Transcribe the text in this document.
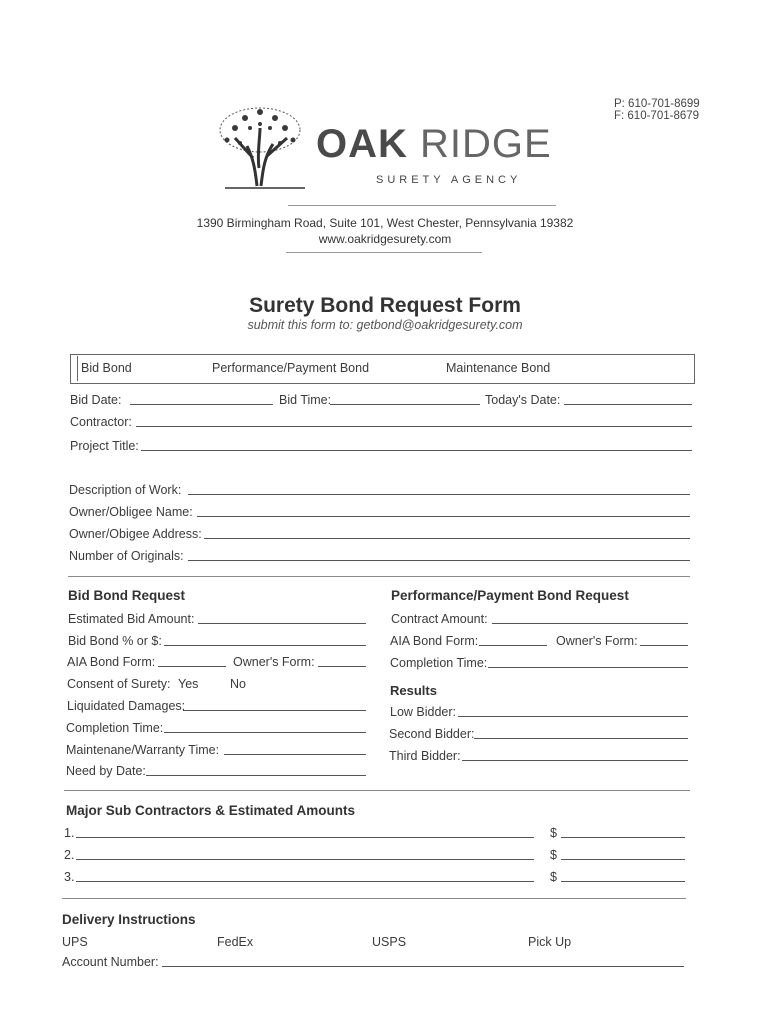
P: 610-701-8699
F: 610-701-8679
OAK RIDGE
SURETY AGENCY
1390 Birmingham Road, Suite 101, West Chester, Pennsylvania 19382
www.oakridgesurety.com
Surety Bond Request Form
submit this form to: getbond@oakridgesurety.com
Bid Bond	Performance/Payment Bond	Maintenance Bond
Bid Date:	Bid Time:	Today's Date:
Contractor:
Project Title:
Description of Work:
Owner/Obligee Name:
Owner/Obigee Address:
Number of Originals:
Bid Bond Request
Estimated Bid Amount:
Bid Bond % or $:
AIA Bond Form:	Owner's Form:
Consent of Surety: Yes	No
Liquidated Damages:
Completion Time:
Maintenane/Warranty Time:
Need by Date:
Performance/Payment Bond Request
Contract Amount:
AIA Bond Form:	Owner's Form:
Completion Time:
Results
Low Bidder:
Second Bidder:
Third Bidder:
Major Sub Contractors & Estimated Amounts
1.	$
2.	$
3.	$
Delivery Instructions
UPS	FedEx	USPS	Pick Up
Account Number:
